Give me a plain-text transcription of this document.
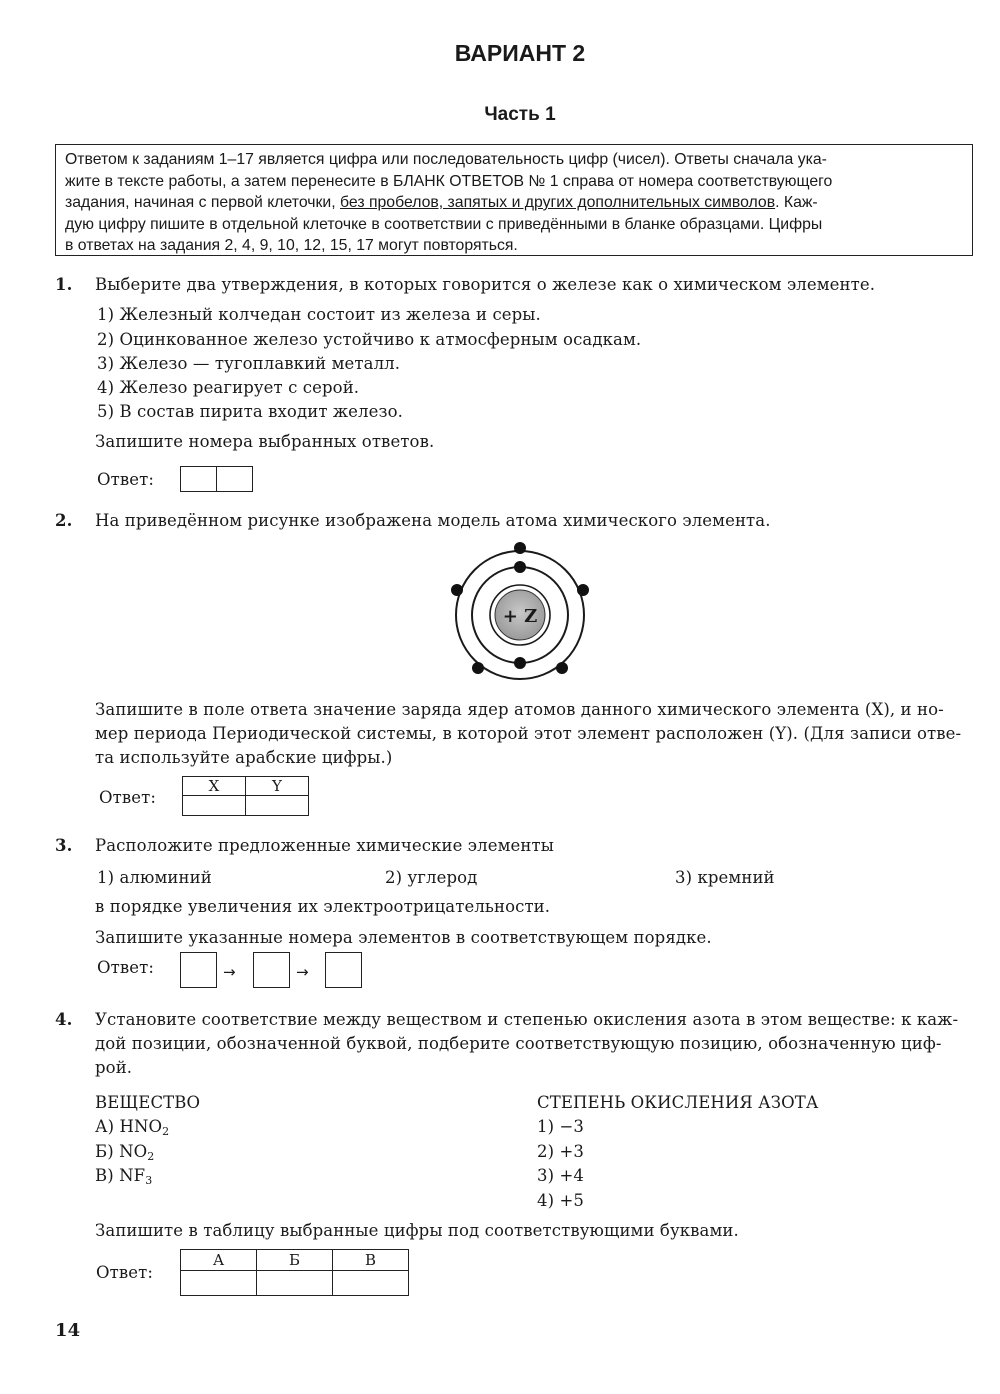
ВАРИАНТ 2
Часть 1

Ответом к заданиям 1–17 является цифра или последовательность цифр (чисел). Ответы сначала ука-

жите в тексте работы, а затем перенесите в БЛАНК ОТВЕТОВ № 1 справа от номера соответствующего

задания, начиная с первой клеточки, без пробелов, запятых и других дополнительных символов. Каж-

дую цифру пишите в отдельной клеточке в соответствии с приведёнными в бланке образцами. Цифры

в ответах на задания 2, 4, 9, 10, 12, 15, 17 могут повторяться.

1. Выберите два утверждения, в которых говорится о железе как о химическом элементе.
1) Железный колчедан состоит из железа и серы.
2) Оцинкованное железо устойчиво к атмосферным осадкам.
3) Железо — тугоплавкий металл.
4) Железо реагирует с серой.
5) В состав пирита входит железо.
Запишите номера выбранных ответов.
Ответ:
2. На приведённом рисунке изображена модель атома химического элемента.
+ Z
Запишите в поле ответа значение заряда ядер атомов данного химического элемента (X), и но-
мер периода Периодической системы, в которой этот элемент расположен (Y). (Для записи отве-
та используйте арабские цифры.)
Ответ:
X	Y

3. Расположите предложенные химические элементы
1) алюминий	2) углерод	3) кремний
в порядке увеличения их электроотрицательности.
Запишите указанные номера элементов в соответствующем порядке.
Ответ:	→	→
4. Установите соответствие между веществом и степенью окисления азота в этом веществе: к каж-
дой позиции, обозначенной буквой, подберите соответствующую позицию, обозначенную циф-
рой.
ВЕЩЕСТВО
А) $HNO_2$
Б) $NO_2$
В) $NF_3$
СТЕПЕНЬ ОКИСЛЕНИЯ АЗОТА
1) −3
2) +3
3) +4
4) +5
Запишите в таблицу выбранные цифры под соответствующими буквами.
Ответ:
А	Б	В

14
